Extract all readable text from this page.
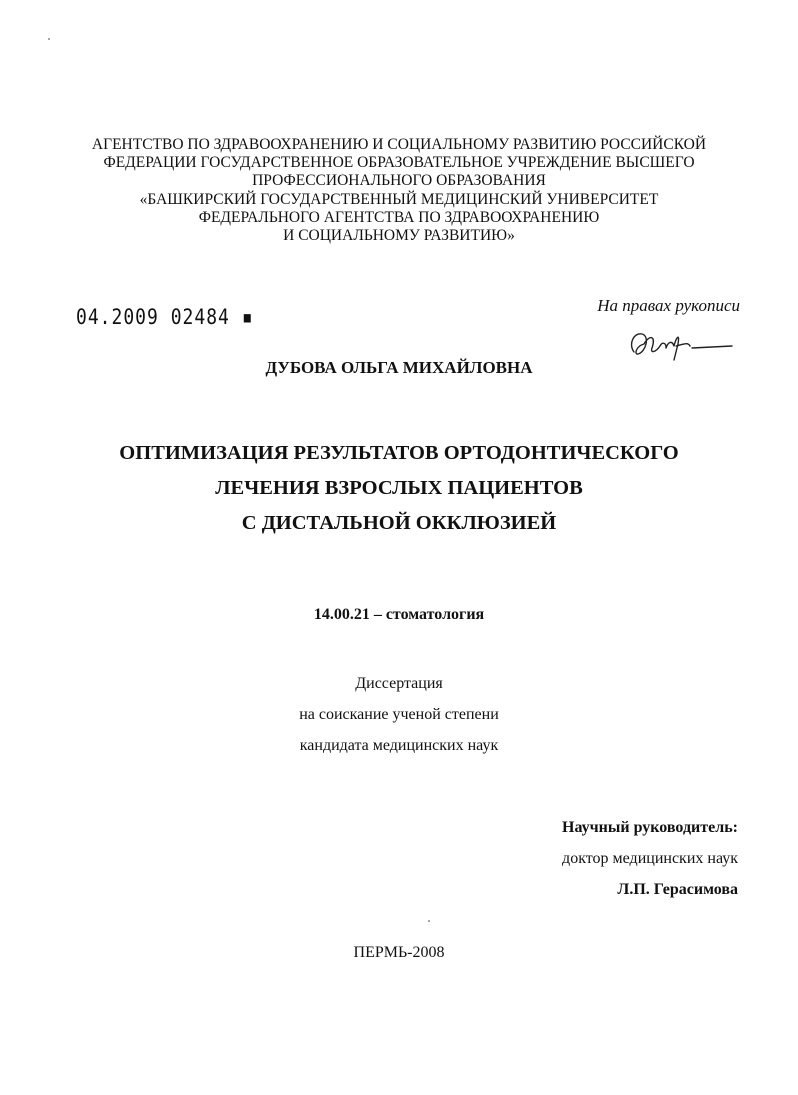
АГЕНТСТВО ПО ЗДРАВООХРАНЕНИЮ И СОЦИАЛЬНОМУ РАЗВИТИЮ РОССИЙСКОЙ
ФЕДЕРАЦИИ ГОСУДАРСТВЕННОЕ ОБРАЗОВАТЕЛЬНОЕ УЧРЕЖДЕНИЕ ВЫСШЕГО
ПРОФЕССИОНАЛЬНОГО ОБРАЗОВАНИЯ
«БАШКИРСКИЙ ГОСУДАРСТВЕННЫЙ МЕДИЦИНСКИЙ УНИВЕРСИТЕТ
ФЕДЕРАЛЬНОГО АГЕНТСТВА ПО ЗДРАВООХРАНЕНИЮ
И СОЦИАЛЬНОМУ РАЗВИТИЮ»
04.2009 02484 ▪	На правах рукописи
ДУБОВА ОЛЬГА МИХАЙЛОВНА
ОПТИМИЗАЦИЯ РЕЗУЛЬТАТОВ ОРТОДОНТИЧЕСКОГО
ЛЕЧЕНИЯ ВЗРОСЛЫХ ПАЦИЕНТОВ
С ДИСТАЛЬНОЙ ОККЛЮЗИЕЙ
14.00.21 – стоматология
Диссертация
на соискание ученой степени
кандидата медицинских наук
Научный руководитель:
доктор медицинских наук
Л.П. Герасимова
ПЕРМЬ-2008
